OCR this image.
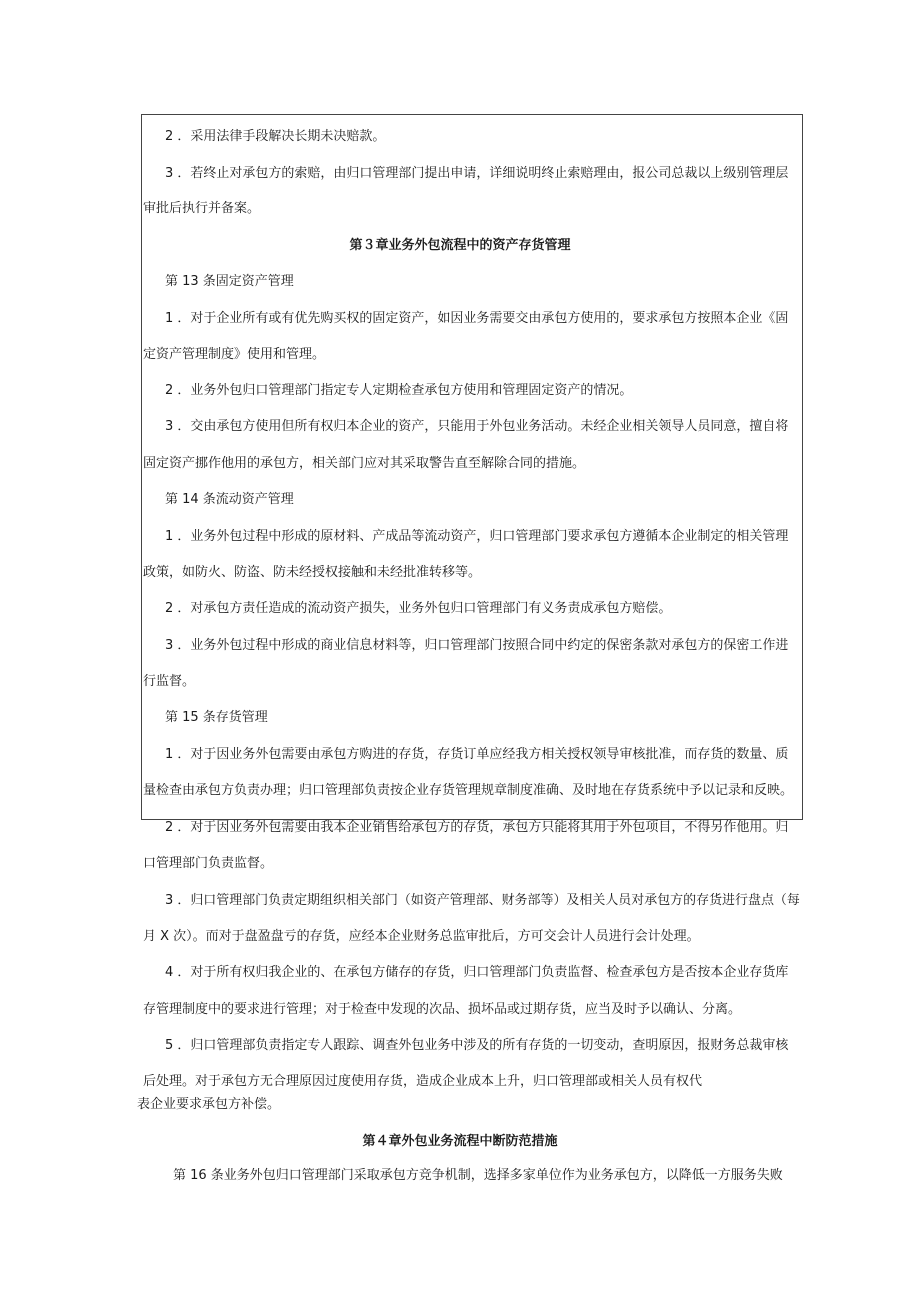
2 ．采用法律手段解决长期未决赔款。
3 ．若终止对承包方的索赔，由归口管理部门提出申请，详细说明终止索赔理由，报公司总裁以上级别管理层
审批后执行并备案。
第３章业务外包流程中的资产存货管理
第 13 条固定资产管理
1 ．对于企业所有或有优先购买权的固定资产，如因业务需要交由承包方使用的，要求承包方按照本企业《固
定资产管理制度》使用和管理。
2 ．业务外包归口管理部门指定专人定期检查承包方使用和管理固定资产的情况。
3 ．交由承包方使用但所有权归本企业的资产，只能用于外包业务活动。未经企业相关领导人员同意，擅自将
固定资产挪作他用的承包方，相关部门应对其采取警告直至解除合同的措施。
第 14 条流动资产管理
1 ．业务外包过程中形成的原材料、产成品等流动资产，归口管理部门要求承包方遵循本企业制定的相关管理
政策，如防火、防盗、防未经授权接触和未经批准转移等。
2 ．对承包方责任造成的流动资产损失，业务外包归口管理部门有义务责成承包方赔偿。
3 ．业务外包过程中形成的商业信息材料等，归口管理部门按照合同中约定的保密条款对承包方的保密工作进
行监督。
第 15 条存货管理
1 ．对于因业务外包需要由承包方购进的存货，存货订单应经我方相关授权领导审核批准，而存货的数量、质
量检查由承包方负责办理；归口管理部负责按企业存货管理规章制度准确、及时地在存货系统中予以记录和反映。
2 ．对于因业务外包需要由我本企业销售给承包方的存货，承包方只能将其用于外包项目，不得另作他用。归
口管理部门负责监督。
3 ．归口管理部门负责定期组织相关部门（如资产管理部、财务部等）及相关人员对承包方的存货进行盘点（每
月 X 次）。而对于盘盈盘亏的存货，应经本企业财务总监审批后，方可交会计人员进行会计处理。
4 ．对于所有权归我企业的、在承包方储存的存货，归口管理部门负责监督、检查承包方是否按本企业存货库
存管理制度中的要求进行管理；对于检查中发现的次品、损坏品或过期存货，应当及时予以确认、分离。
5 ．归口管理部负责指定专人跟踪、调查外包业务中涉及的所有存货的一切变动，查明原因，报财务总裁审核
后处理。对于承包方无合理原因过度使用存货，造成企业成本上升，归口管理部或相关人员有权代
表企业要求承包方补偿。
第４章外包业务流程中断防范措施
第 16 条业务外包归口管理部门采取承包方竞争机制，选择多家单位作为业务承包方，以降低一方服务失败
